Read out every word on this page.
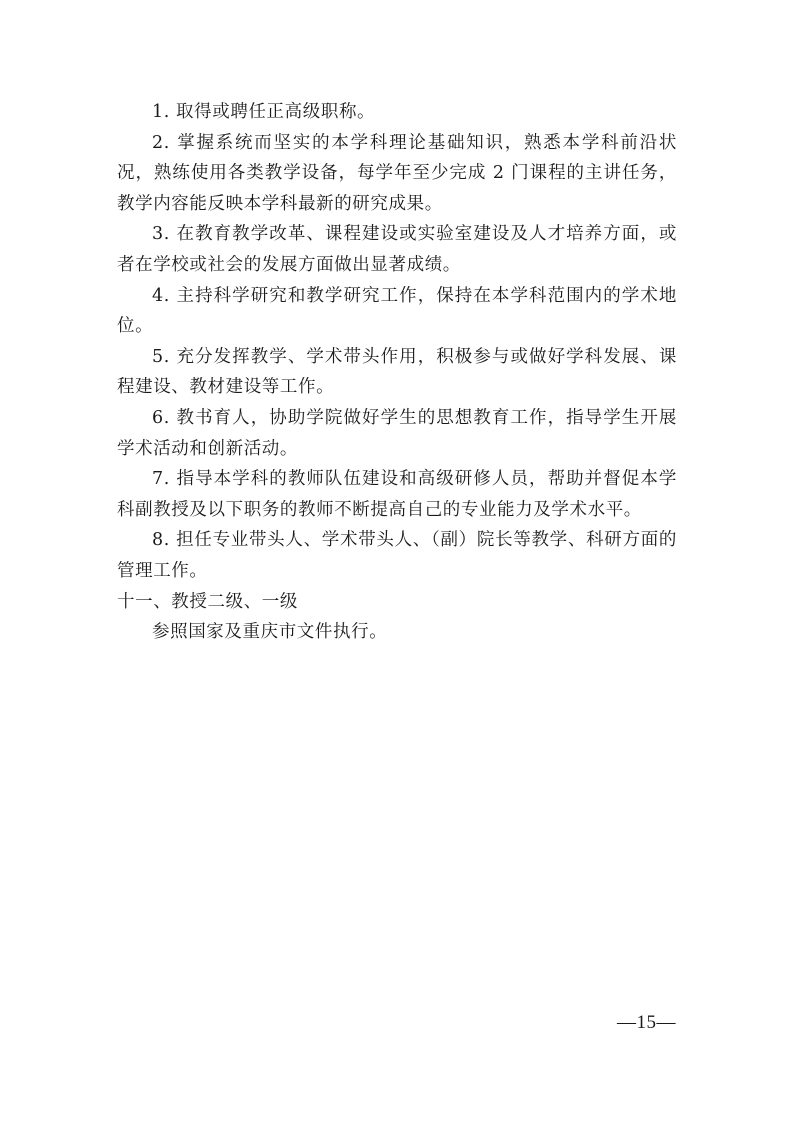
1. 取得或聘任正高级职称。

2. 掌握系统而坚实的本学科理论基础知识，熟悉本学科前沿状况，熟练使用各类教学设备，每学年至少完成 2 门课程的主讲任务，教学内容能反映本学科最新的研究成果。

3. 在教育教学改革、课程建设或实验室建设及人才培养方面，或者在学校或社会的发展方面做出显著成绩。

4. 主持科学研究和教学研究工作，保持在本学科范围内的学术地位。

5. 充分发挥教学、学术带头作用，积极参与或做好学科发展、课程建设、教材建设等工作。

6. 教书育人，协助学院做好学生的思想教育工作，指导学生开展学术活动和创新活动。

7. 指导本学科的教师队伍建设和高级研修人员，帮助并督促本学科副教授及以下职务的教师不断提高自己的专业能力及学术水平。

8. 担任专业带头人、学术带头人、（副）院长等教学、科研方面的管理工作。

十一、教授二级、一级

参照国家及重庆市文件执行。

—15—
